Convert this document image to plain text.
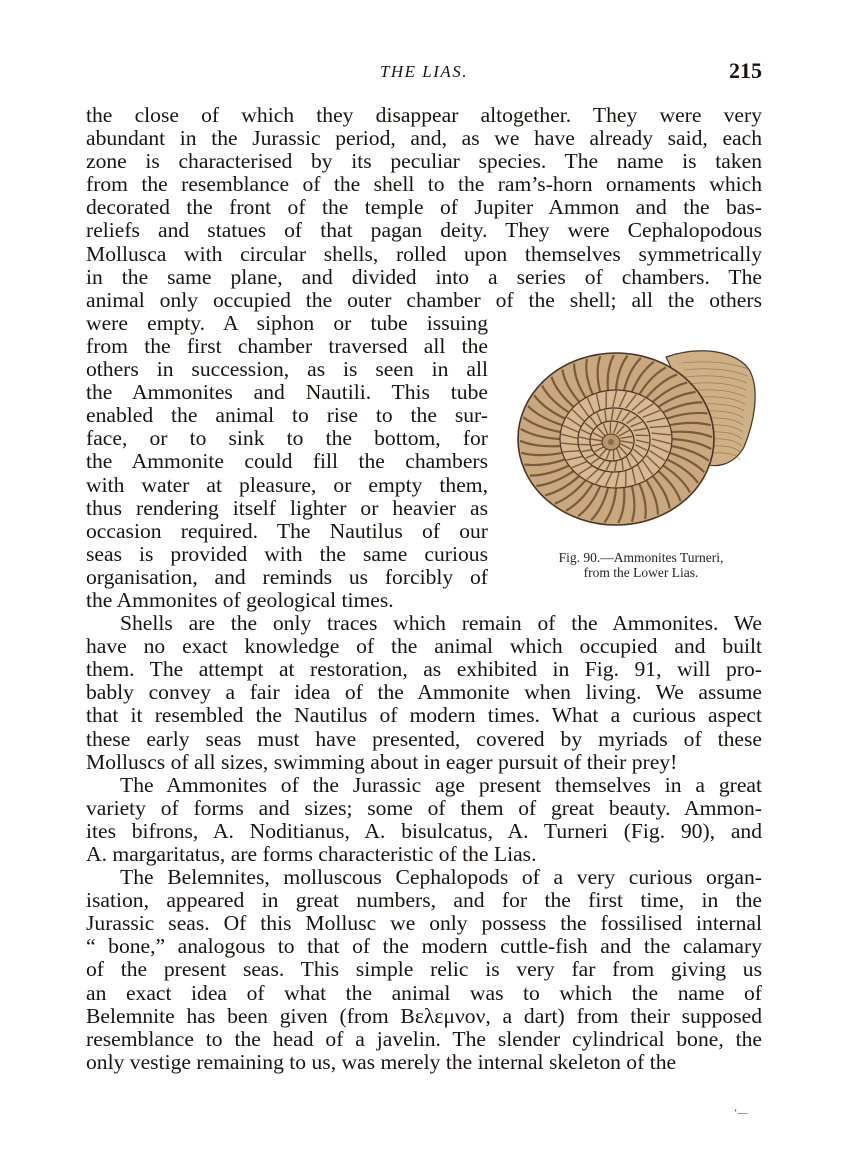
THE LIAS.	215
the close of which they disappear altogether. They were very
abundant in the Jurassic period, and, as we have already said, each
zone is characterised by its peculiar species. The name is taken
from the resemblance of the shell to the ram’s-horn ornaments which
decorated the front of the temple of Jupiter Ammon and the bas-
reliefs and statues of that pagan deity. They were Cephalopodous
Mollusca with circular shells, rolled upon themselves symmetrically
in the same plane, and divided into a series of chambers. The
animal only occupied the outer chamber of the shell; all the others
were empty. A siphon or tube issuing
from the first chamber traversed all the
others in succession, as is seen in all
the Ammonites and Nautili. This tube
enabled the animal to rise to the sur-
face, or to sink to the bottom, for
the Ammonite could fill the chambers
with water at pleasure, or empty them,
thus rendering itself lighter or heavier as
occasion required. The Nautilus of our
seas is provided with the same curious
organisation, and reminds us forcibly of
the Ammonites of geological times.
Shells are the only traces which remain of the Ammonites. We
have no exact knowledge of the animal which occupied and built
them. The attempt at restoration, as exhibited in Fig. 91, will pro-
bably convey a fair idea of the Ammonite when living. We assume
that it resembled the Nautilus of modern times. What a curious aspect
these early seas must have presented, covered by myriads of these
Molluscs of all sizes, swimming about in eager pursuit of their prey!
The Ammonites of the Jurassic age present themselves in a great
variety of forms and sizes; some of them of great beauty. Ammon-
ites bifrons, A. Noditianus, A. bisulcatus, A. Turneri (Fig. 90), and
A. margaritatus, are forms characteristic of the Lias.
The Belemnites, molluscous Cephalopods of a very curious organ-
isation, appeared in great numbers, and for the first time, in the
Jurassic seas. Of this Mollusc we only possess the fossilised internal
“ bone,” analogous to that of the modern cuttle-fish and the calamary
of the present seas. This simple relic is very far from giving us
an exact idea of what the animal was to which the name of
Belemnite has been given (from Βελεμνον, a dart) from their supposed
resemblance to the head of a javelin. The slender cylindrical bone, the
only vestige remaining to us, was merely the internal skeleton of the
Fig. 90.—Ammonites Turneri,
from the Lower Lias.
‘—
